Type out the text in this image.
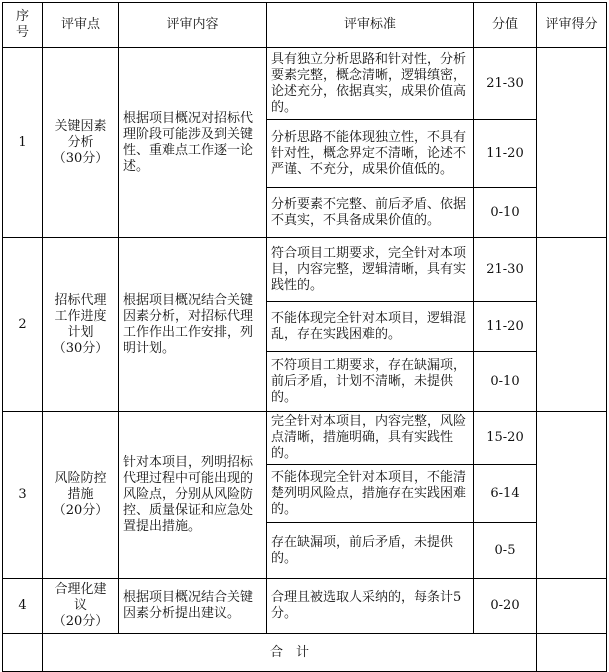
序
号	评审点	评审内容	评审标准	分值	评审得分
1	关键因素
分析
（30分）	根据项目概况对招标代理阶段可能涉及到关键性、重难点工作逐一论述。	具有独立分析思路和针对性，分析要素完整，概念清晰，逻辑缜密，论述充分，依据真实，成果价值高的。	21-30	
			分析思路不能体现独立性，不具有针对性，概念界定不清晰，论述不严谨、不充分，成果价值低的。	11-20	
			分析要素不完整、前后矛盾、依据不真实，不具备成果价值的。	0-10	
2	招标代理
工作进度
计划
（30分）	根据项目概况结合关键因素分析，对招标代理工作作出工作安排，列明计划。	符合项目工期要求，完全针对本项目，内容完整，逻辑清晰，具有实践性的。	21-30	
			不能体现完全针对本项目，逻辑混乱，存在实践困难的。	11-20	
			不符项目工期要求，存在缺漏项，前后矛盾，计划不清晰，未提供的。	0-10	
3	风险防控
措施
（20分）	针对本项目，列明招标代理过程中可能出现的风险点，分别从风险防控、质量保证和应急处置提出措施。	完全针对本项目，内容完整，风险点清晰，措施明确，具有实践性的。	15-20	
			不能体现完全针对本项目，不能清楚列明风险点，措施存在实践困难的。	6-14	
			存在缺漏项，前后矛盾，未提供的。	0-5	
4	合理化建
议
（20分）	根据项目概况结合关键因素分析提出建议。	合理且被选取人采纳的，每条计5分。	0-20	
	合　计				
